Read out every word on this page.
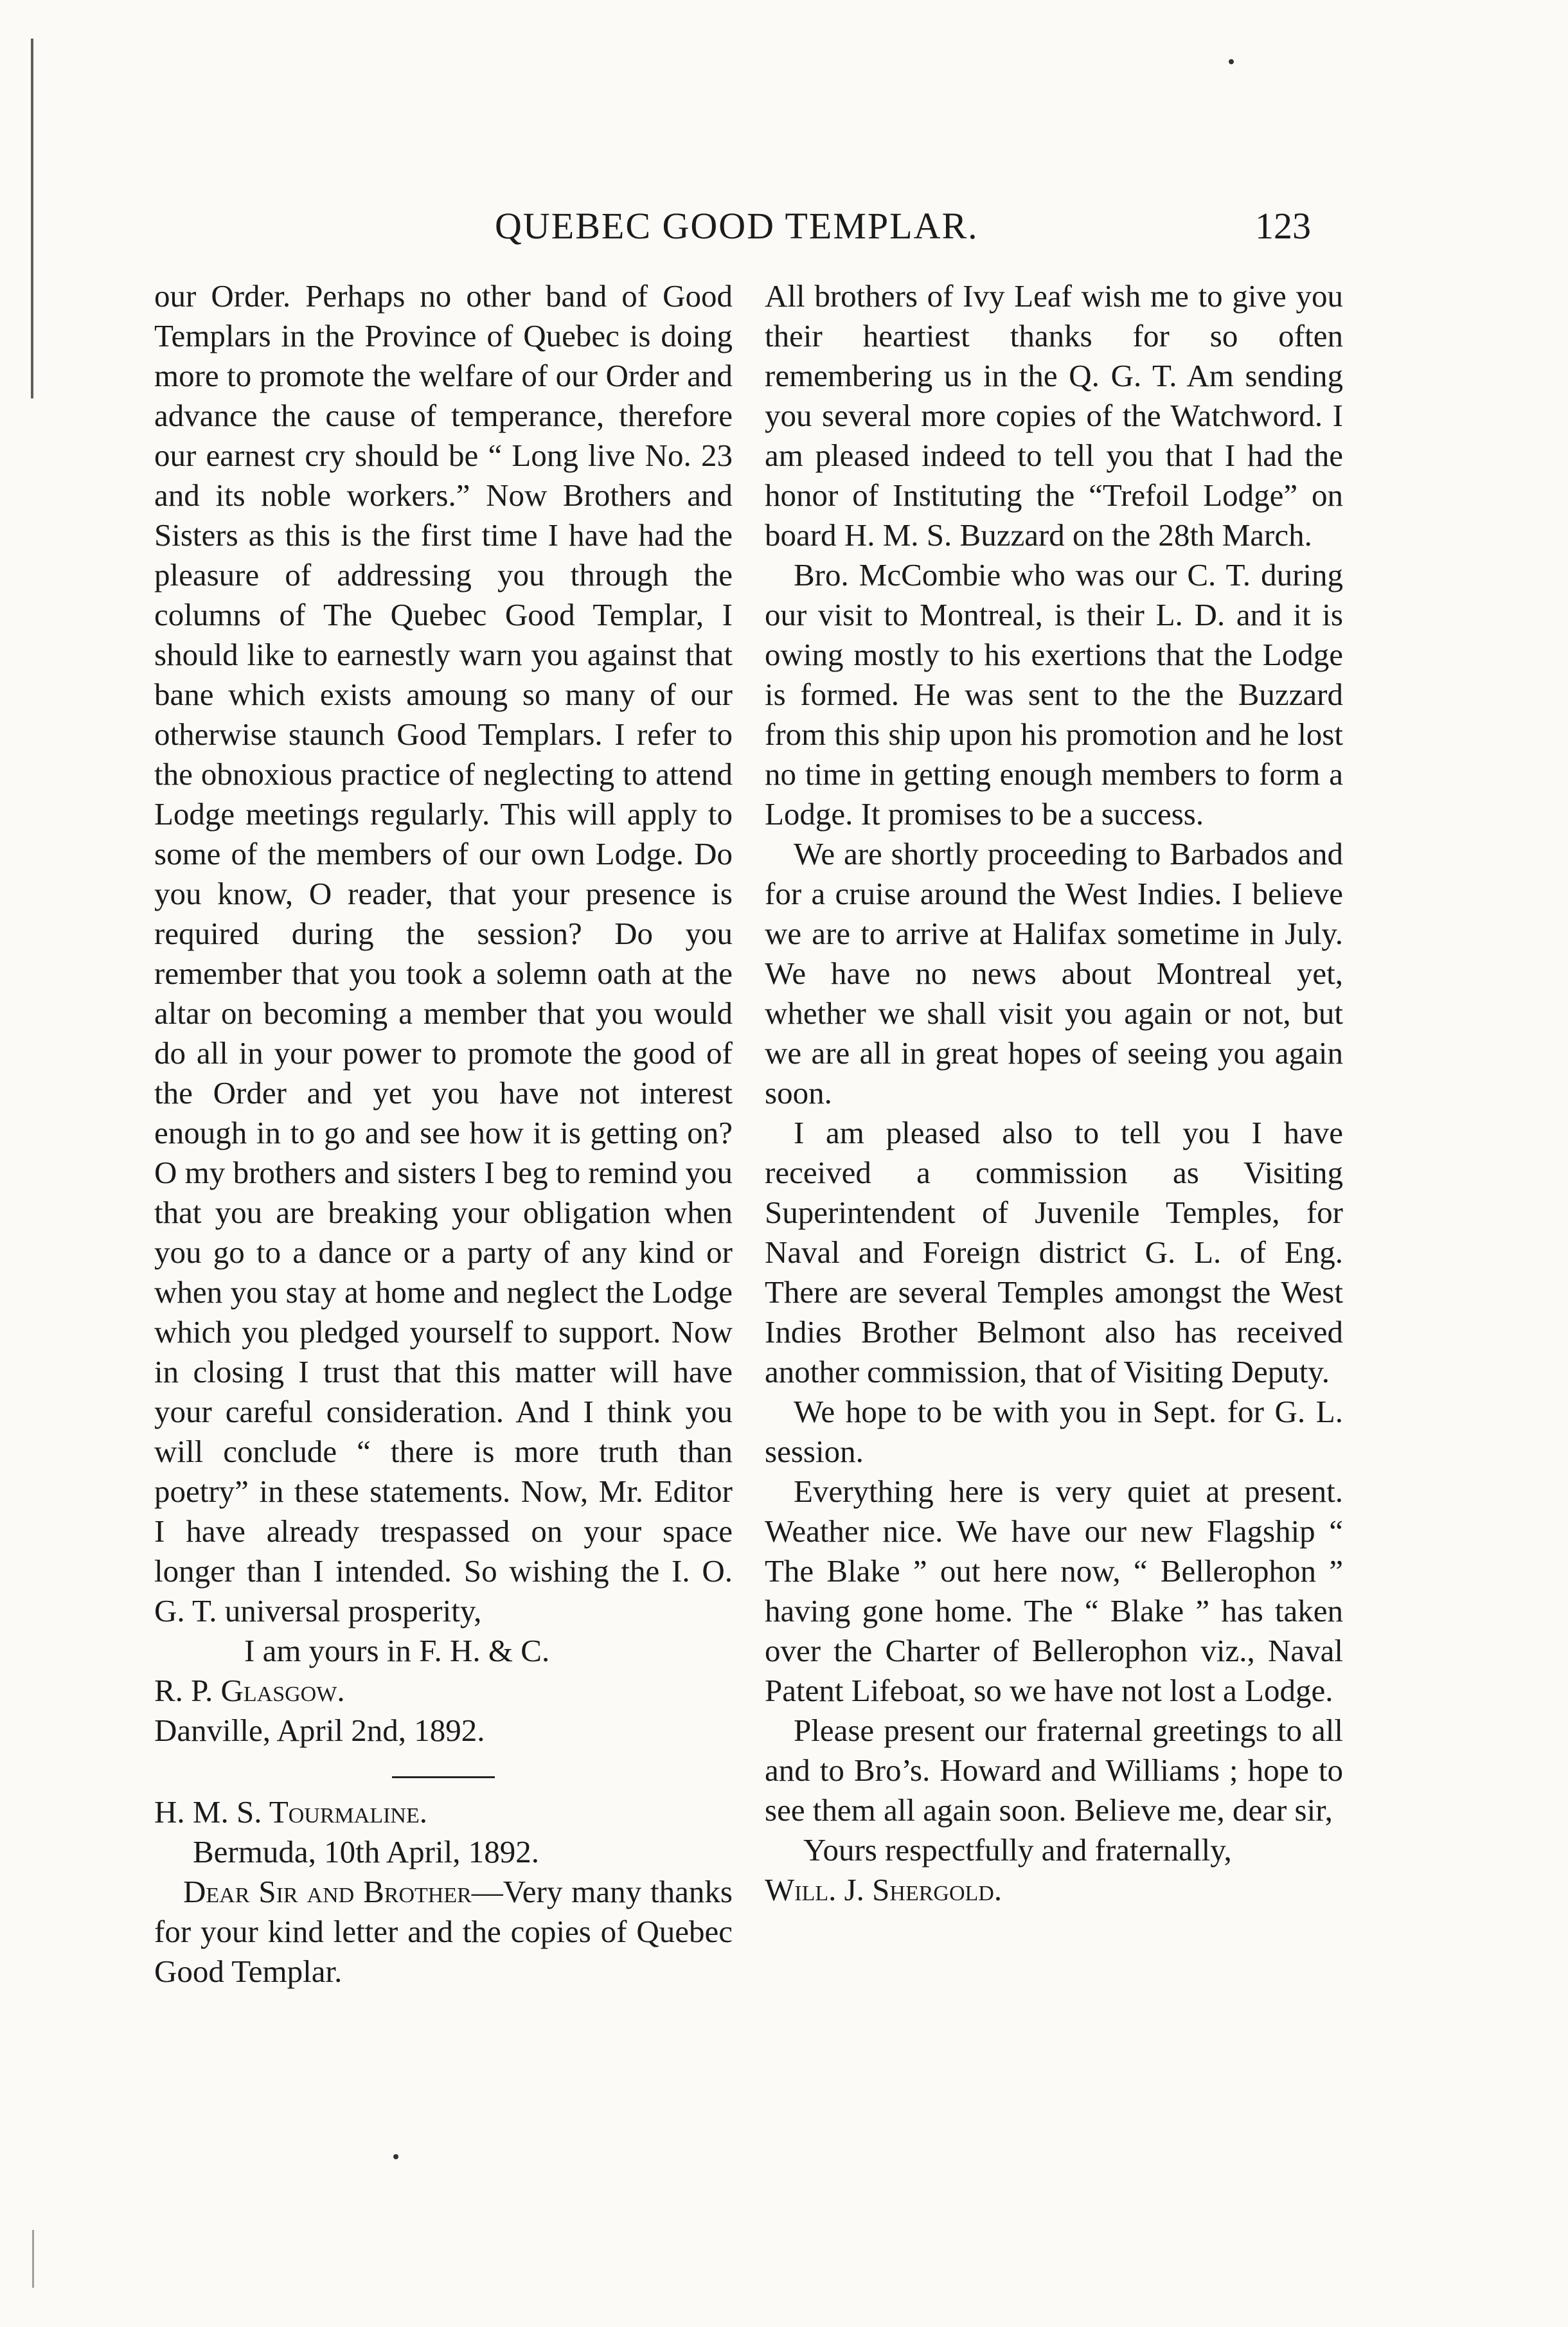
QUEBEC GOOD TEMPLAR.	123

our Order. Perhaps no other band of Good Templars in the Province of Quebec is doing more to promote the welfare of our Order and advance the cause of temperance, therefore our earnest cry should be “ Long live No. 23 and its noble workers.” Now Brothers and Sisters as this is the first time I have had the pleasure of addressing you through the columns of The Quebec Good Templar, I should like to earnestly warn you against that bane which exists amoung so many of our otherwise staunch Good Templars. I refer to the obnoxious practice of neglecting to attend Lodge meetings regularly. This will apply to some of the members of our own Lodge. Do you know, O reader, that your presence is required during the session? Do you remember that you took a solemn oath at the altar on becoming a member that you would do all in your power to promote the good of the Order and yet you have not interest enough in to go and see how it is getting on? O my brothers and sisters I beg to remind you that you are breaking your obligation when you go to a dance or a party of any kind or when you stay at home and neglect the Lodge which you pledged yourself to support. Now in closing I trust that this matter will have your careful consideration. And I think you will conclude “ there is more truth than poetry” in these statements. Now, Mr. Editor I have already trespassed on your space longer than I intended. So wishing the I. O. G. T. universal prosperity,

I am yours in F. H. & C.

R. P. Glasgow.

Danville, April 2nd, 1892.

H. M. S. Tourmaline.

Bermuda, 10th April, 1892.

Dear Sir and Brother—Very many thanks for your kind letter and the copies of Quebec Good Templar.

All brothers of Ivy Leaf wish me to give you their heartiest thanks for so often remembering us in the Q. G. T. Am sending you several more copies of the Watchword. I am pleased indeed to tell you that I had the honor of Instituting the “Trefoil Lodge” on board H. M. S. Buzzard on the 28th March.

Bro. McCombie who was our C. T. during our visit to Montreal, is their L. D. and it is owing mostly to his exertions that the Lodge is formed. He was sent to the the Buzzard from this ship upon his promotion and he lost no time in getting enough members to form a Lodge. It promises to be a success.

We are shortly proceeding to Barbados and for a cruise around the West Indies. I believe we are to arrive at Halifax sometime in July. We have no news about Montreal yet, whether we shall visit you again or not, but we are all in great hopes of seeing you again soon.

I am pleased also to tell you I have received a commission as Visiting Superintendent of Juvenile Temples, for Naval and Foreign district G. L. of Eng. There are several Temples amongst the West Indies Brother Belmont also has received another commission, that of Visiting Deputy.

We hope to be with you in Sept. for G. L. session.

Everything here is very quiet at present. Weather nice. We have our new Flagship “ The Blake ” out here now, “ Bellerophon ” having gone home. The “ Blake ” has taken over the Charter of Bellerophon viz., Naval Patent Lifeboat, so we have not lost a Lodge.

Please present our fraternal greetings to all and to Bro’s. Howard and Williams ; hope to see them all again soon. Believe me, dear sir,

Yours respectfully and fraternally,

Will. J. Shergold.
